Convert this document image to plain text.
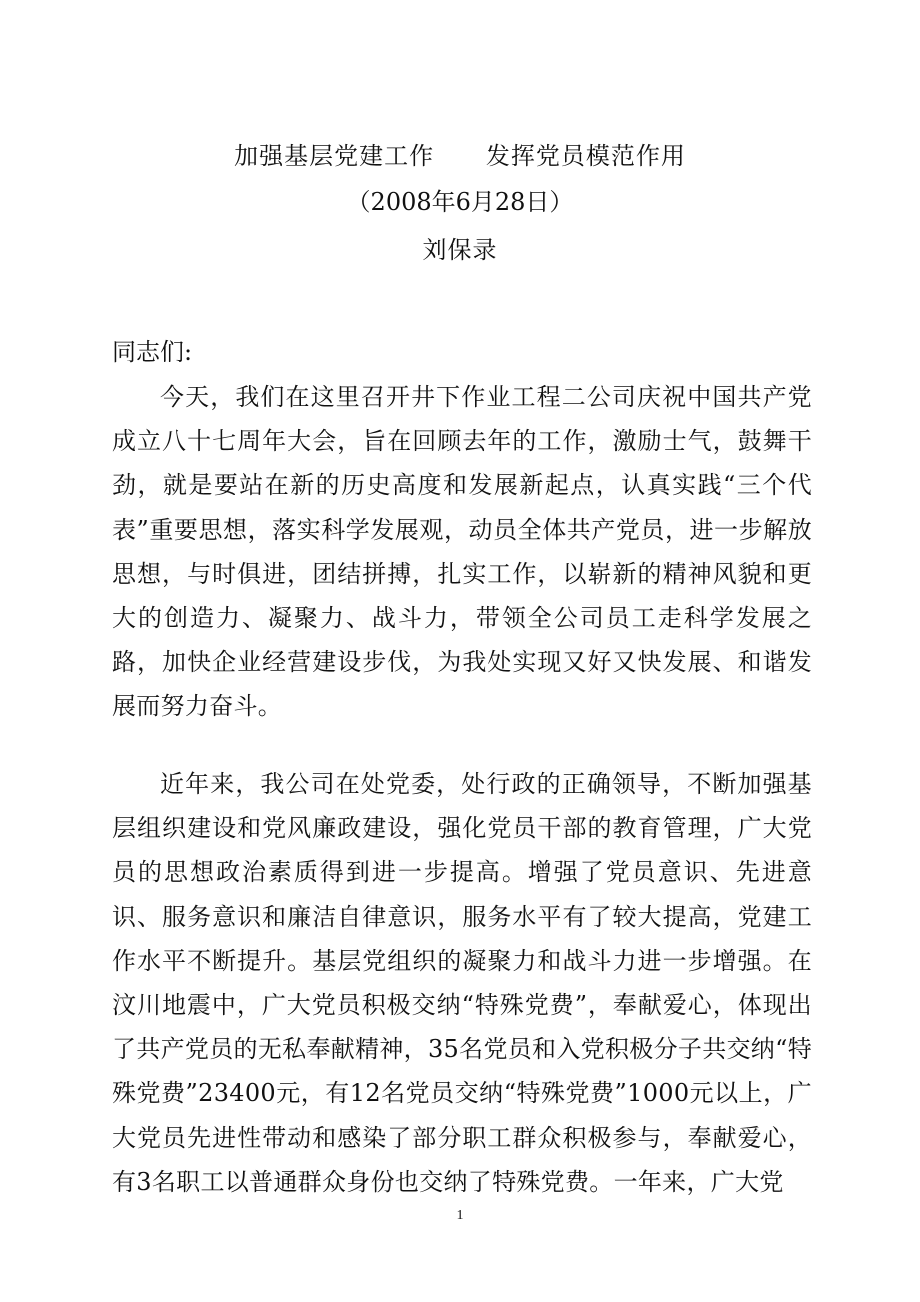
加强基层党建工作      发挥党员模范作用
（2008年6月28日）
刘保录
同志们:

今天，我们在这里召开井下作业工程二公司庆祝中国共产党成立八十七周年大会，旨在回顾去年的工作，激励士气，鼓舞干劲，就是要站在新的历史高度和发展新起点，认真实践“三个代表”重要思想，落实科学发展观，动员全体共产党员，进一步解放思想，与时俱进，团结拼搏，扎实工作，以崭新的精神风貌和更大的创造力、凝聚力、战斗力，带领全公司员工走科学发展之路，加快企业经营建设步伐，为我处实现又好又快发展、和谐发展而努力奋斗。

近年来，我公司在处党委，处行政的正确领导，不断加强基层组织建设和党风廉政建设，强化党员干部的教育管理，广大党员的思想政治素质得到进一步提高。增强了党员意识、先进意识、服务意识和廉洁自律意识，服务水平有了较大提高，党建工作水平不断提升。基层党组织的凝聚力和战斗力进一步增强。在汶川地震中，广大党员积极交纳“特殊党费”，奉献爱心，体现出了共产党员的无私奉献精神，35名党员和入党积极分子共交纳“特殊党费”23400元，有12名党员交纳“特殊党费”1000元以上，广大党员先进性带动和感染了部分职工群众积极参与，奉献爱心，有3名职工以普通群众身份也交纳了特殊党费。一年来，广大党

1
